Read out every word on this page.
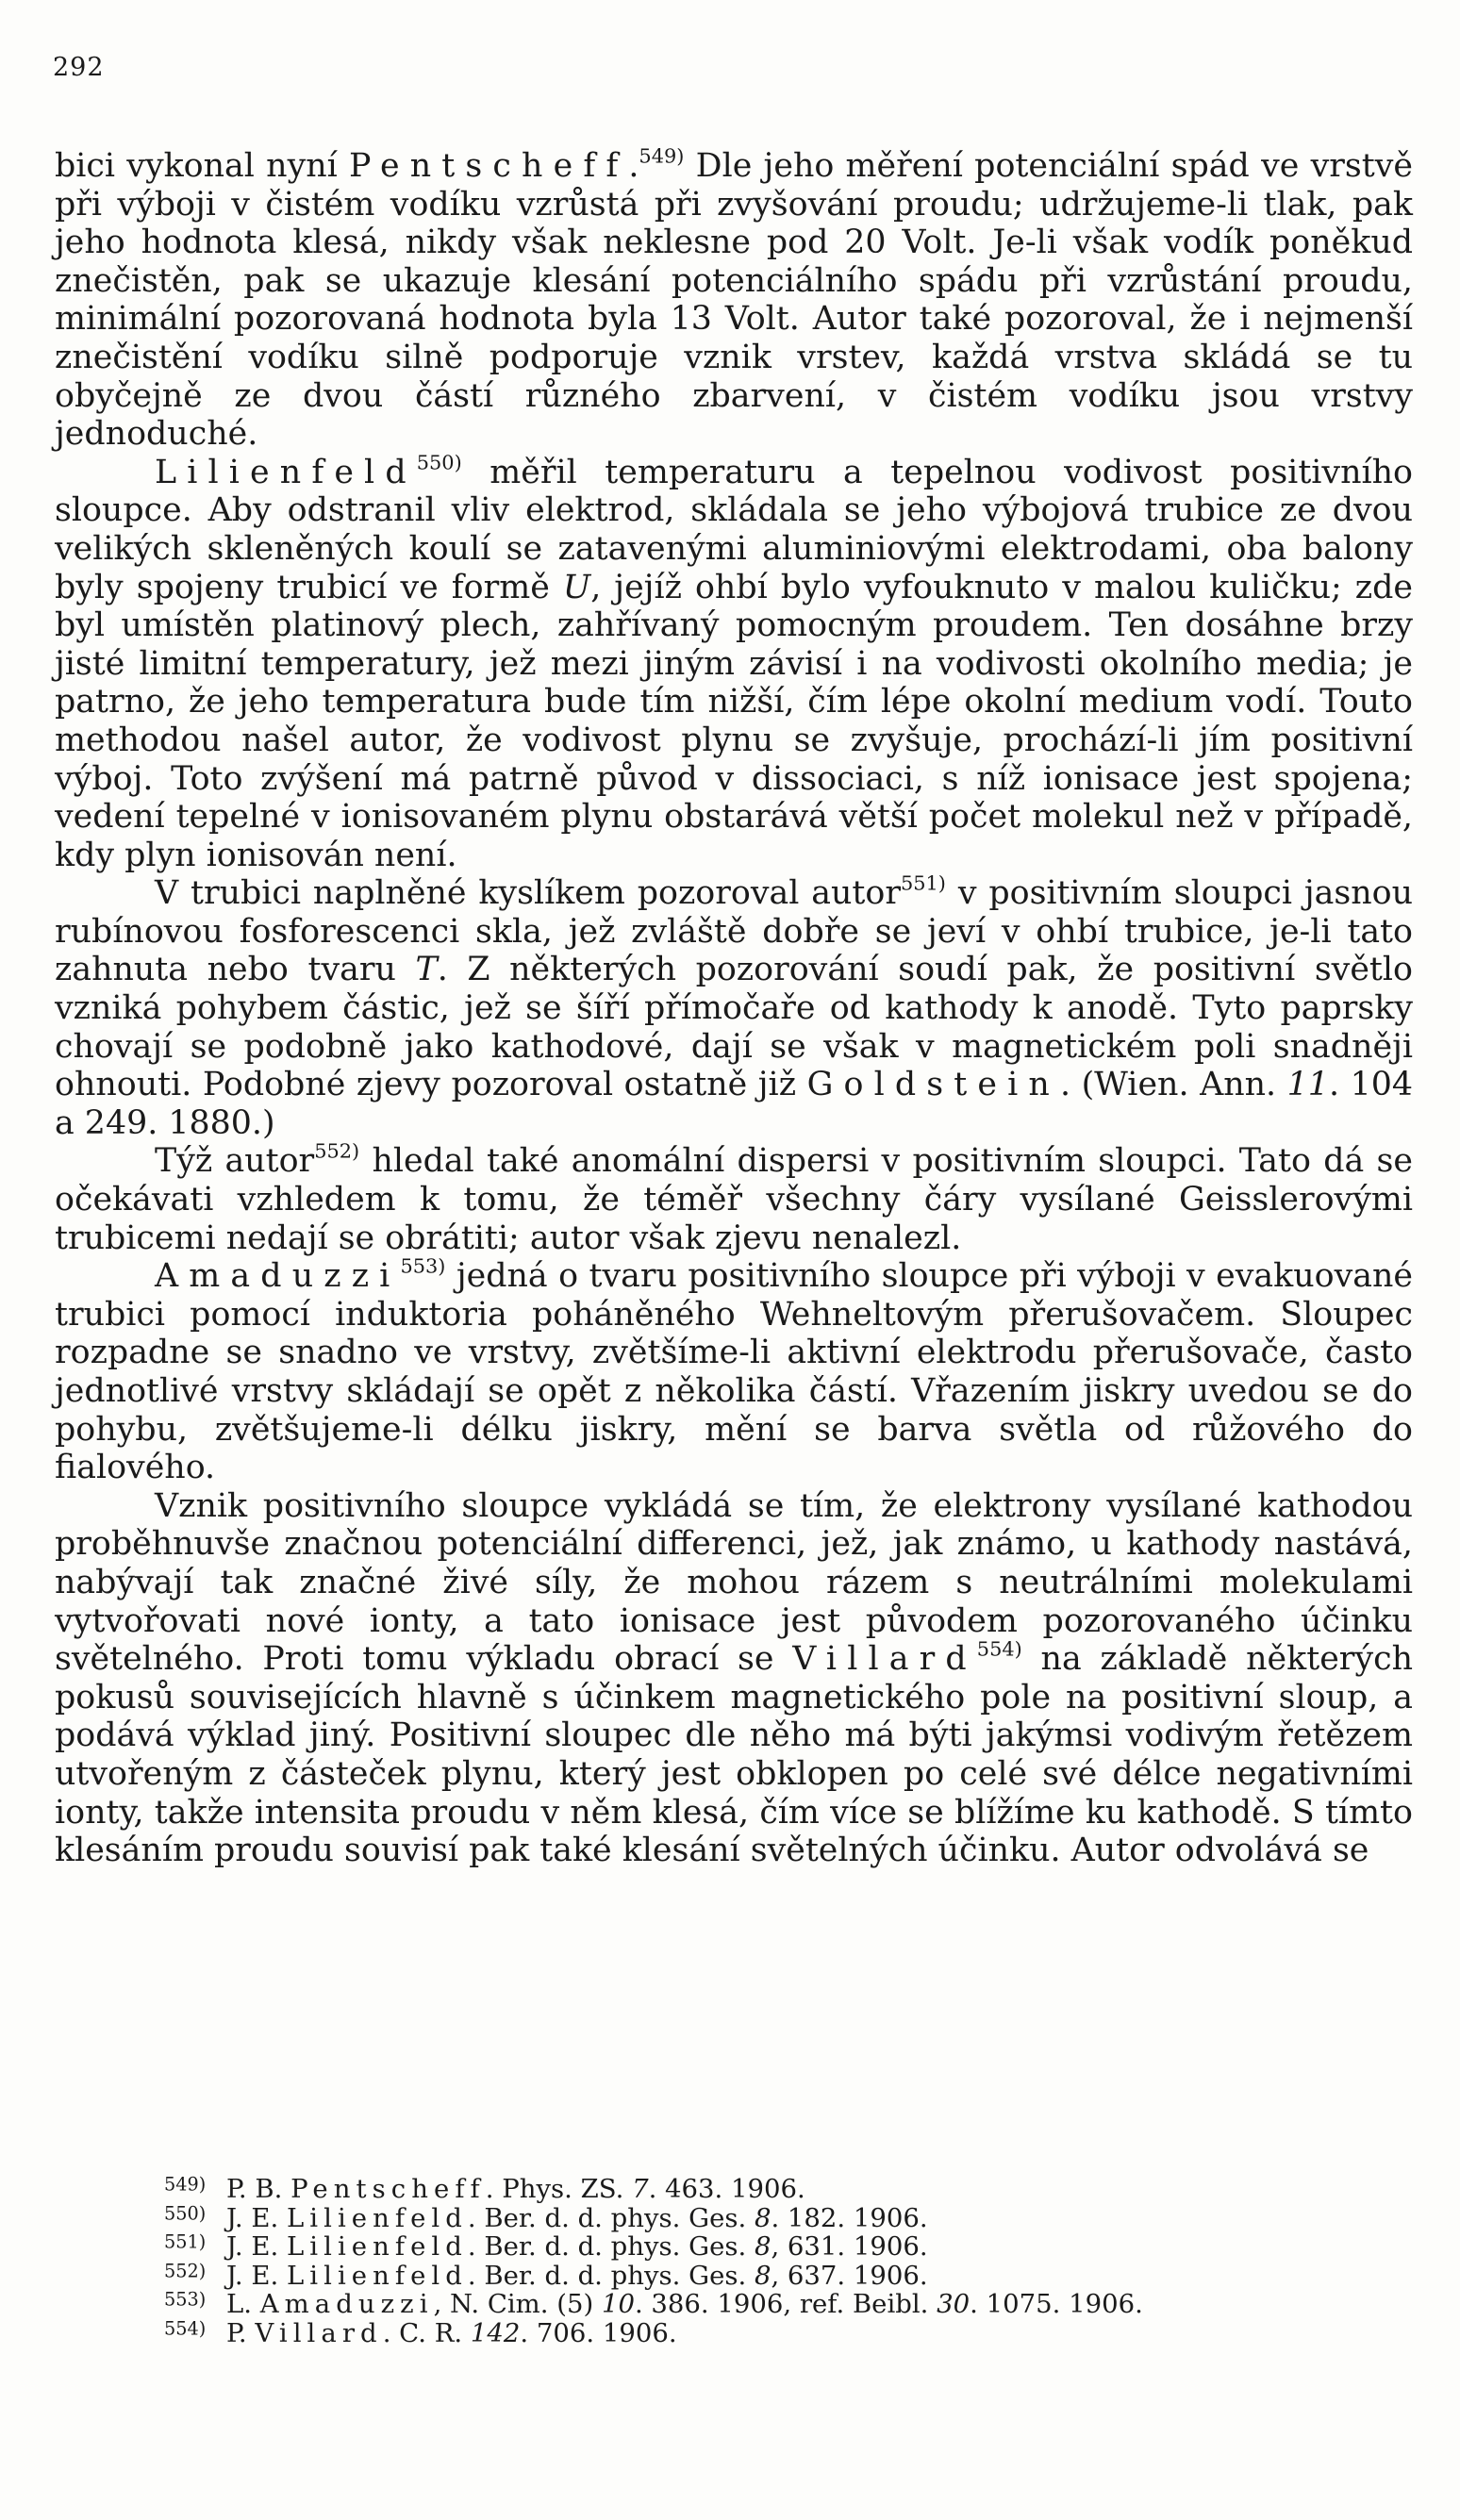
292

bici vykonal nyní Pentscheff.$^{549)}$ Dle jeho měření potenciální spád ve vrstvě při výboji v čistém vodíku vzrůstá při zvyšování proudu; udržujeme-li tlak, pak jeho hodnota klesá, nikdy však neklesne pod 20 Volt. Je-li však vodík poněkud znečistěn, pak se ukazuje klesání potenciálního spádu při vzrůstání proudu, minimální pozorovaná hodnota byla 13 Volt. Autor také pozoroval, že i nejmenší znečistění vodíku silně podporuje vznik vrstev, každá vrstva skládá se tu obyčejně ze dvou částí různého zbarvení, v čistém vodíku jsou vrstvy jednoduché.

Lilienfeld$^{550)}$ měřil temperaturu a tepelnou vodivost positivního sloupce. Aby odstranil vliv elektrod, skládala se jeho výbojová trubice ze dvou velikých skleněných koulí se zatavenými aluminiovými elektrodami, oba balony byly spojeny trubicí ve formě U, jejíž ohbí bylo vyfouknuto v malou kuličku; zde byl umístěn platinový plech, zahřívaný pomocným proudem. Ten dosáhne brzy jisté limitní temperatury, jež mezi jiným závisí i na vodivosti okolního media; je patrno, že jeho temperatura bude tím nižší, čím lépe okolní medium vodí. Touto methodou našel autor, že vodivost plynu se zvyšuje, prochází-li jím positivní výboj. Toto zvýšení má patrně původ v dissociaci, s níž ionisace jest spojena; vedení tepelné v ionisovaném plynu obstarává větší počet molekul než v případě, kdy plyn ionisován není.

V trubici naplněné kyslíkem pozoroval autor$^{551)}$ v positivním sloupci jasnou rubínovou fosforescenci skla, jež zvláště dobře se jeví v ohbí trubice, je-li tato zahnuta nebo tvaru T. Z některých pozorování soudí pak, že positivní světlo vzniká pohybem částic, jež se šíří přímočaře od kathody k anodě. Tyto paprsky chovají se podobně jako kathodové, dají se však v magnetickém poli snadněji ohnouti. Podobné zjevy pozoroval ostatně již Goldstein. (Wien. Ann. 11. 104 a 249. 1880.)

Týž autor$^{552)}$ hledal také anomální dispersi v positivním sloupci. Tato dá se očekávati vzhledem k tomu, že téměř všechny čáry vysílané Geisslerovými trubicemi nedají se obrátiti; autor však zjevu nenalezl.

Amaduzzi$^{553)}$ jedná o tvaru positivního sloupce při výboji v evakuované trubici pomocí induktoria poháněného Wehneltovým přerušovačem. Sloupec rozpadne se snadno ve vrstvy, zvětšíme-li aktivní elektrodu přerušovače, často jednotlivé vrstvy skládají se opět z několika částí. Vřazením jiskry uvedou se do pohybu, zvětšujeme-li délku jiskry, mění se barva světla od růžového do fialového.

Vznik positivního sloupce vykládá se tím, že elektrony vysílané kathodou proběhnuvše značnou potenciální differenci, jež, jak známo, u kathody nastává, nabývají tak značné živé síly, že mohou rázem s neutrálními molekulami vytvořovati nové ionty, a tato ionisace jest původem pozorovaného účinku světelného. Proti tomu výkladu obrací se Villard$^{554)}$ na základě některých pokusů souvisejících hlavně s účinkem magnetického pole na positivní sloup, a podává výklad jiný. Positivní sloupec dle něho má býti jakýmsi vodivým řetězem utvořeným z částeček plynu, který jest obklopen po celé své délce negativními ionty, takže intensita proudu v něm klesá, čím více se blížíme ku kathodě. S tímto klesáním proudu souvisí pak také klesání světelných účinku. Autor odvolává se

$^{549)}$ P. B. Pentscheff. Phys. ZS. 7. 463. 1906.
$^{550)}$ J. E. Lilienfeld. Ber. d. d. phys. Ges. 8. 182. 1906.
$^{551)}$ J. E. Lilienfeld. Ber. d. d. phys. Ges. 8, 631. 1906.
$^{552)}$ J. E. Lilienfeld. Ber. d. d. phys. Ges. 8, 637. 1906.
$^{553)}$ L. Amaduzzi, N. Cim. (5) 10. 386. 1906, ref. Beibl. 30. 1075. 1906.
$^{554)}$ P. Villard. C. R. 142. 706. 1906.
